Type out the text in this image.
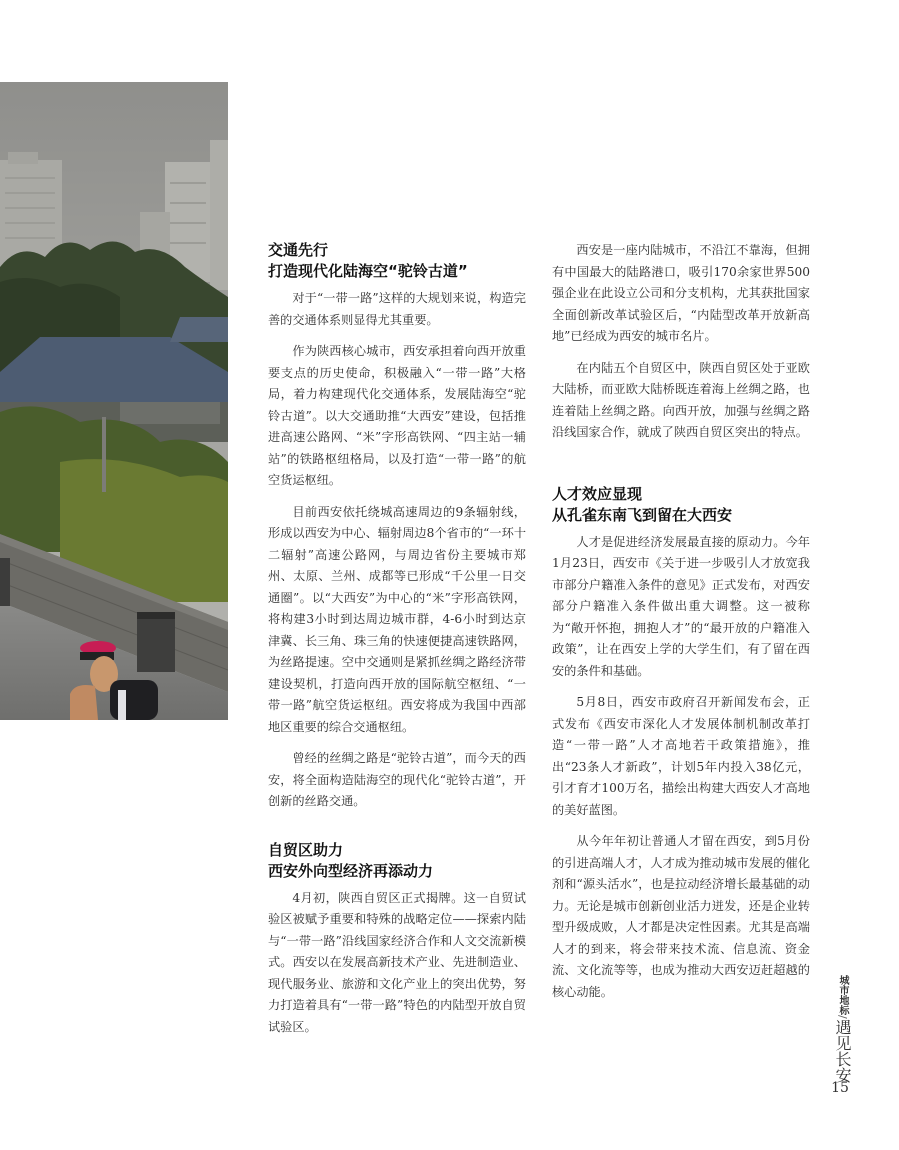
交通先行
打造现代化陆海空“驼铃古道”

对于“一带一路”这样的大规划来说，构造完善的交通体系则显得尤其重要。

作为陕西核心城市，西安承担着向西开放重要支点的历史使命，积极融入“一带一路”大格局，着力构建现代化交通体系，发展陆海空“驼铃古道”。以大交通助推“大西安”建设，包括推进高速公路网、“米”字形高铁网、“四主站一辅站”的铁路枢纽格局，以及打造“一带一路”的航空货运枢纽。

目前西安依托绕城高速周边的9条辐射线，形成以西安为中心、辐射周边8个省市的“一环十二辐射”高速公路网，与周边省份主要城市郑州、太原、兰州、成都等已形成“千公里一日交通圈”。以“大西安”为中心的“米”字形高铁网，将构建3小时到达周边城市群，4-6小时到达京津冀、长三角、珠三角的快速便捷高速铁路网，为丝路提速。空中交通则是紧抓丝绸之路经济带建设契机，打造向西开放的国际航空枢纽、“一带一路”航空货运枢纽。西安将成为我国中西部地区重要的综合交通枢纽。

曾经的丝绸之路是“驼铃古道”，而今天的西安，将全面构造陆海空的现代化“驼铃古道”，开创新的丝路交通。

自贸区助力
西安外向型经济再添动力

4月初，陕西自贸区正式揭牌。这一自贸试验区被赋予重要和特殊的战略定位——探索内陆与“一带一路”沿线国家经济合作和人文交流新模式。西安以在发展高新技术产业、先进制造业、现代服务业、旅游和文化产业上的突出优势，努力打造着具有“一带一路”特色的内陆型开放自贸试验区。

西安是一座内陆城市，不沿江不靠海，但拥有中国最大的陆路港口，吸引170余家世界500强企业在此设立公司和分支机构，尤其获批国家全面创新改革试验区后，“内陆型改革开放新高地”已经成为西安的城市名片。

在内陆五个自贸区中，陕西自贸区处于亚欧大陆桥，而亚欧大陆桥既连着海上丝绸之路，也连着陆上丝绸之路。向西开放，加强与丝绸之路沿线国家合作，就成了陕西自贸区突出的特点。

人才效应显现
从孔雀东南飞到留在大西安

人才是促进经济发展最直接的原动力。今年1月23日，西安市《关于进一步吸引人才放宽我市部分户籍准入条件的意见》正式发布，对西安部分户籍准入条件做出重大调整。这一被称为“敞开怀抱，拥抱人才”的“最开放的户籍准入政策”，让在西安上学的大学生们，有了留在西安的条件和基础。

5月8日，西安市政府召开新闻发布会，正式发布《西安市深化人才发展体制机制改革打造“一带一路”人才高地若干政策措施》，推出“23条人才新政”，计划5年内投入38亿元，引才育才100万名，描绘出构建大西安人才高地的美好蓝图。

从今年年初让普通人才留在西安，到5月份的引进高端人才，人才成为推动城市发展的催化剂和“源头活水”，也是拉动经济增长最基础的动力。无论是城市创新创业活力迸发，还是企业转型升级成败，人才都是决定性因素。尤其是高端人才的到来，将会带来技术流、信息流、资金流、文化流等等，也成为推动大西安迈赶超越的核心动能。	城市地标/遇见长安
15
